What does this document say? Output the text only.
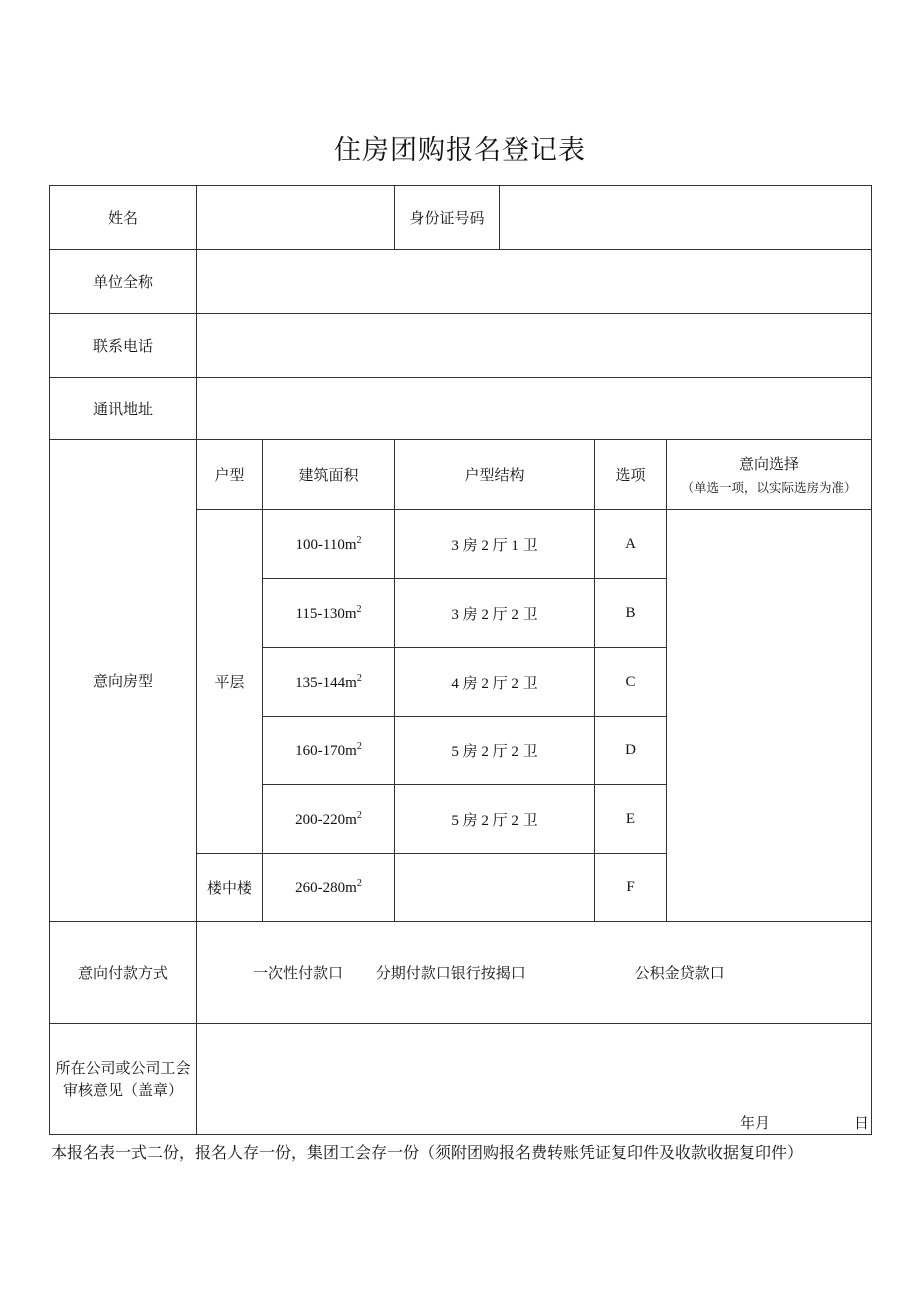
住房团购报名登记表
姓名			身份证号码		

单位全称					
联系电话					
通讯地址					
意向房型	户型	建筑面积	户型结构	选项	意向选择
（单选一项，以实际选房为准）

	平层	$100-110m^2$	3 房 2 厅 1 卫	A	
		$115-130m^2$	3 房 2 厅 2 卫	B	
		$135-144m^2$	4 房 2 厅 2 卫	C	
		$160-170m^2$	5 房 2 厅 2 卫	D	
		$200-220m^2$	5 房 2 厅 2 卫	E	
	楼中楼	$260-280m^2$		F	
意向付款方式	一次性付款口 分期付款口银行按揭口 公积金贷款口				
所在公司或公司工会审核意见（盖章）	年月 日				
本报名表一式二份，报名人存一份，集团工会存一份（须附团购报名费转账凭证复印件及收款收据复印件）
